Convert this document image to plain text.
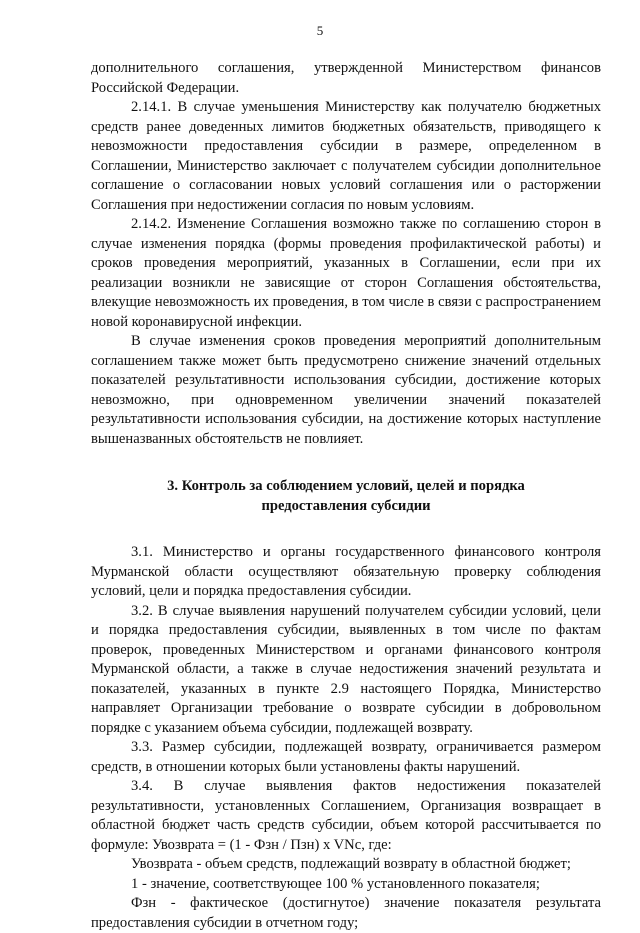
5

дополнительного соглашения, утвержденной Министерством финансов Российской Федерации.

2.14.1. В случае уменьшения Министерству как получателю бюджетных средств ранее доведенных лимитов бюджетных обязательств, приводящего к невозможности предоставления субсидии в размере, определенном в Соглашении, Министерство заключает с получателем субсидии дополнительное соглашение о согласовании новых условий соглашения или о расторжении Соглашения при недостижении согласия по новым условиям.

2.14.2. Изменение Соглашения возможно также по соглашению сторон в случае изменения порядка (формы проведения профилактической работы) и сроков проведения мероприятий, указанных в Соглашении, если при их реализации возникли не зависящие от сторон Соглашения обстоятельства, влекущие невозможность их проведения, в том числе в связи с распространением новой коронавирусной инфекции.

В случае изменения сроков проведения мероприятий дополнительным соглашением также может быть предусмотрено снижение значений отдельных показателей результативности использования субсидии, достижение которых невозможно, при одновременном увеличении значений показателей результативности использования субсидии, на достижение которых наступление вышеназванных обстоятельств не повлияет.

3. Контроль за соблюдением условий, целей и порядка
предоставления субсидии

3.1. Министерство и органы государственного финансового контроля Мурманской области осуществляют обязательную проверку соблюдения условий, цели и порядка предоставления субсидии.

3.2. В случае выявления нарушений получателем субсидии условий, цели и порядка предоставления субсидии, выявленных в том числе по фактам проверок, проведенных Министерством и органами финансового контроля Мурманской области, а также в случае недостижения значений результата и показателей, указанных в пункте 2.9 настоящего Порядка, Министерство направляет Организации требование о возврате субсидии в добровольном порядке с указанием объема субсидии, подлежащей возврату.

3.3. Размер субсидии, подлежащей возврату, ограничивается размером средств, в отношении которых были установлены факты нарушений.

3.4. В случае выявления фактов недостижения показателей результативности, установленных Соглашением, Организация возвращает в областной бюджет часть средств субсидии, объем которой рассчитывается по формуле: Увозврата = (1 - Фзн / Пзн) x VNс, где:

Увозврата - объем средств, подлежащий возврату в областной бюджет;

1 - значение, соответствующее 100 % установленного показателя;

Фзн - фактическое (достигнутое) значение показателя результата предоставления субсидии в отчетном году;
